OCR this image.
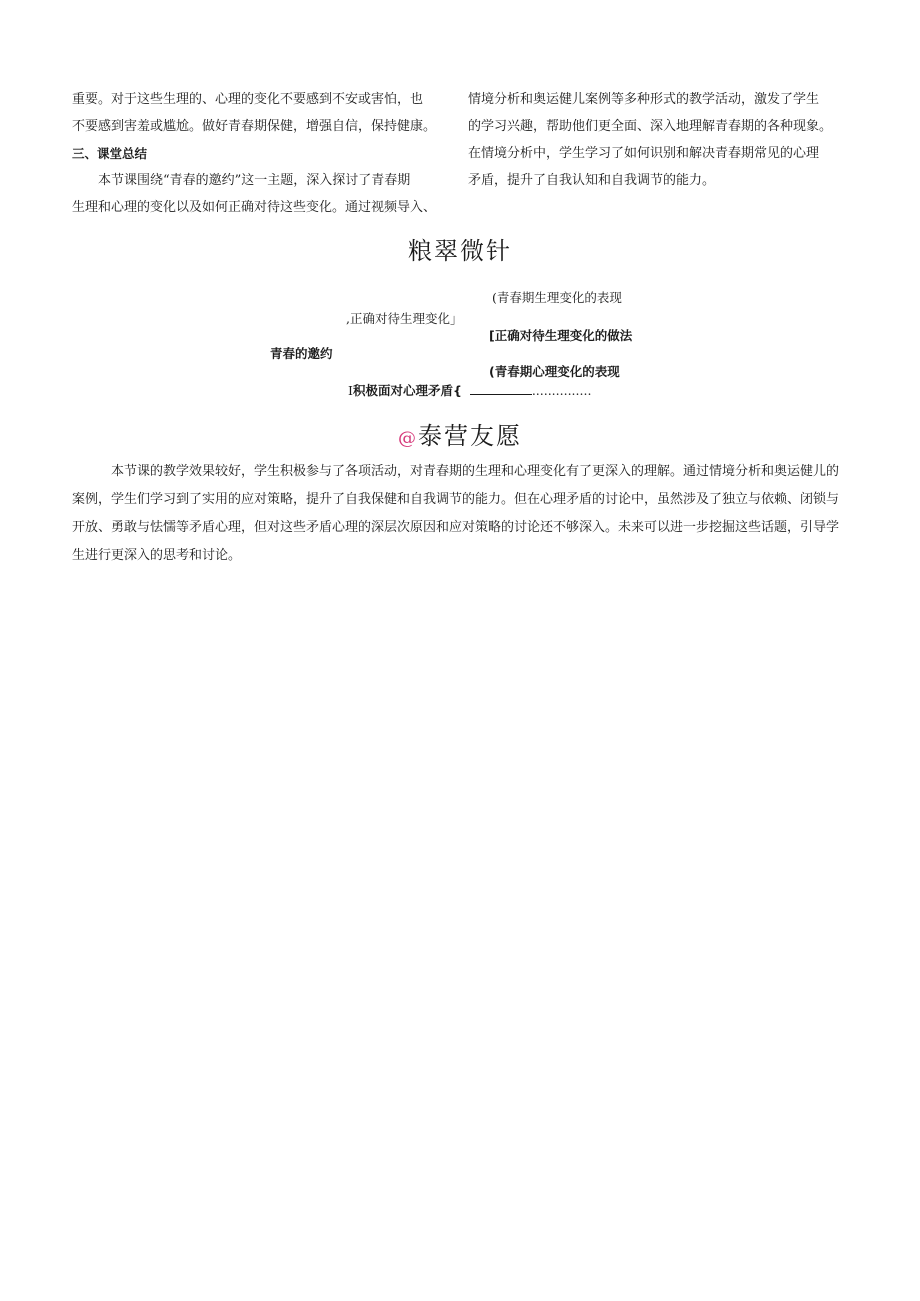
重要。对于这些生理的、心理的变化不要感到不安或害怕，也

不要感到害羞或尴尬。做好青春期保健，增强自信，保持健康。

三、课堂总结

本节课围绕“青春的邀约”这一主题，深入探讨了青春期

生理和心理的变化以及如何正确对待这些变化。通过视频导入、

情境分析和奥运健儿案例等多种形式的教学活动，激发了学生

的学习兴趣，帮助他们更全面、深入地理解青春期的各种现象。

在情境分析中，学生学习了如何识别和解决青春期常见的心理

矛盾，提升了自我认知和自我调节的能力。

粮翠微针
(青春期生理变化的表现
,正确对待生理变化」
[正确对待生理变化的做法
青春的邀约
(青春期心理变化的表现
I积极面对心理矛盾{	...............
@泰营友愿

本节课的教学效果较好，学生积极参与了各项活动，对青春期的生理和心理变化有了更深入的理解。通过情境分析和奥运健儿的案例，学生们学习到了实用的应对策略，提升了自我保健和自我调节的能力。但在心理矛盾的讨论中，虽然涉及了独立与依赖、闭锁与开放、勇敢与怯懦等矛盾心理，但对这些矛盾心理的深层次原因和应对策略的讨论还不够深入。未来可以进一步挖掘这些话题，引导学生进行更深入的思考和讨论。
